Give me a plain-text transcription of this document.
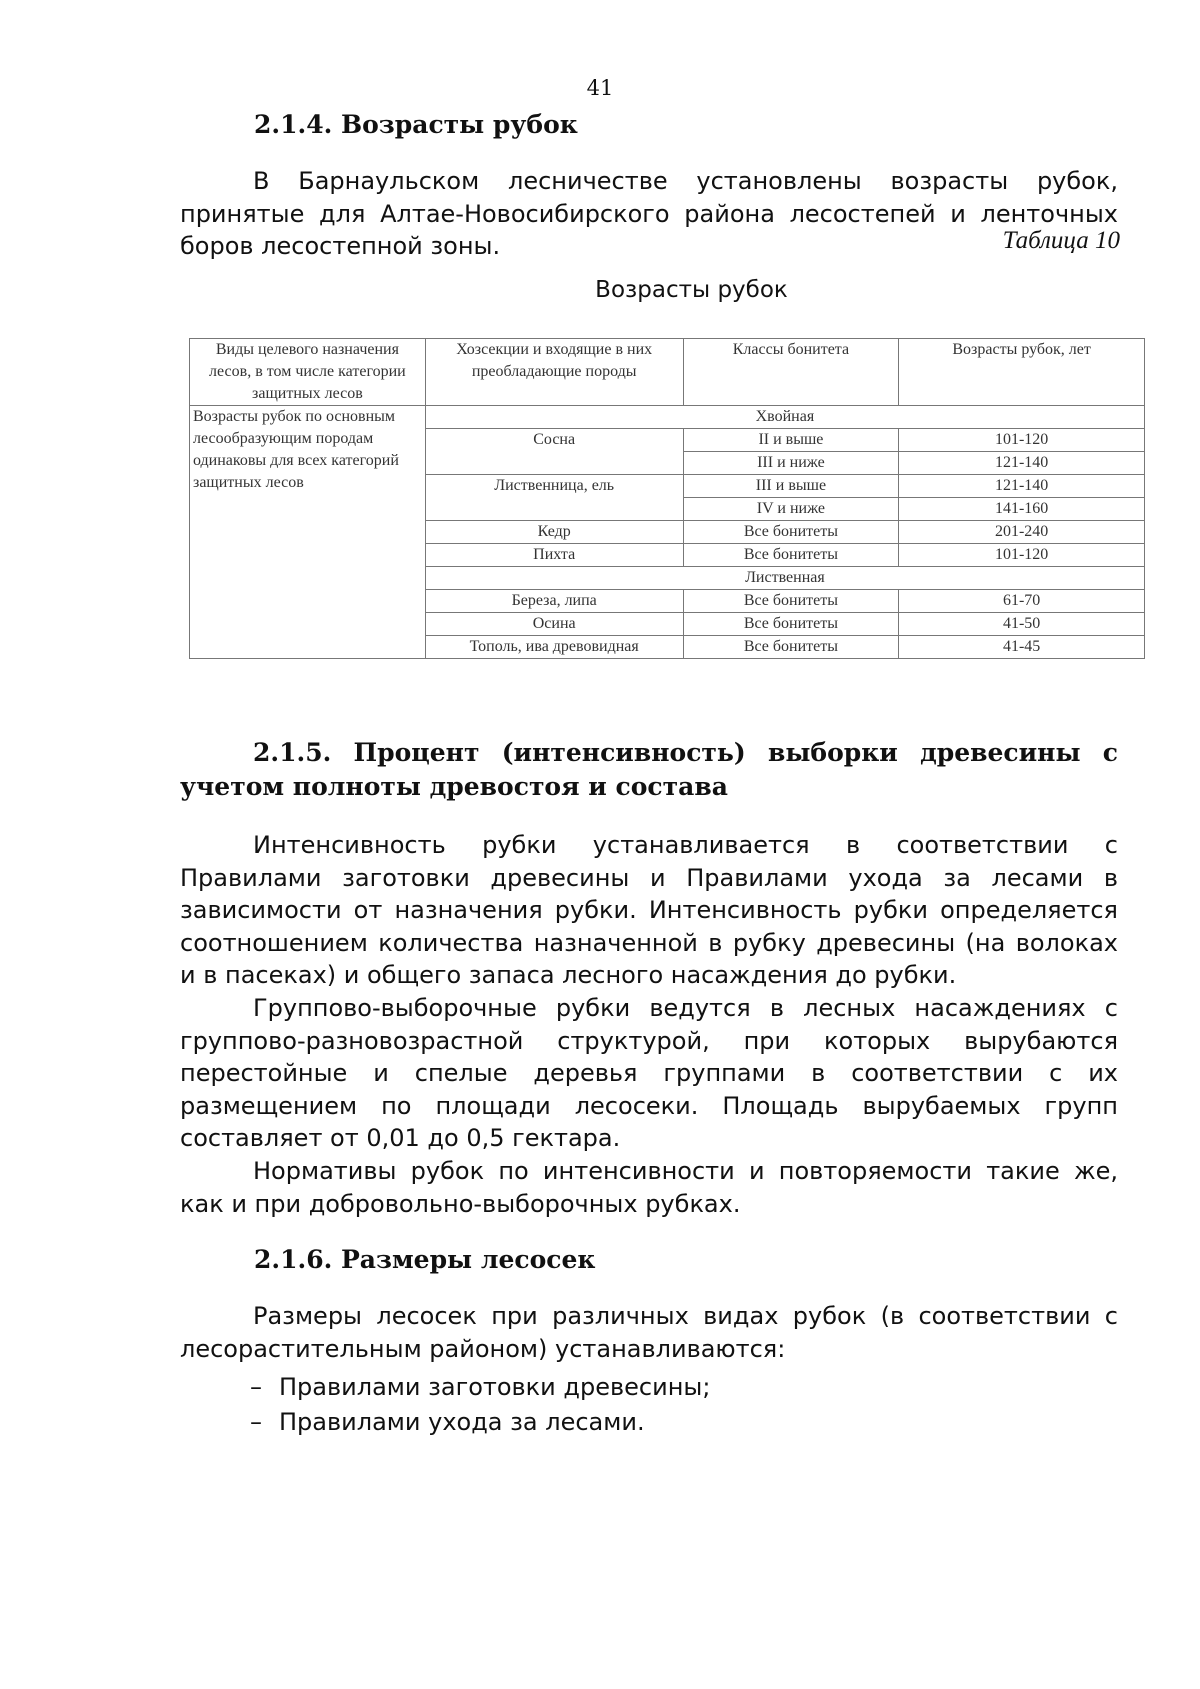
41
2.1.4. Возрасты рубок

В Барнаульском лесничестве установлены возрасты рубок, принятые для Алтае-Новосибирского района лесостепей и ленточных боров лесостепной зоны.	Таблица 10
Возрасты рубок
Виды целевого назначения лесов, в том числе категории защитных лесов	Хозсекции и входящие в них преобладающие породы	Классы бонитета	Возрасты рубок, лет
Возрасты рубок по основным лесообразующим породам одинаковы для всех категорий защитных лесов	Хвойная		
	Сосна	II и выше	101-120
		III и ниже	121-140
	Лиственница, ель	III и выше	121-140
		IV и ниже	141-160
	Кедр	Все бонитеты	201-240
	Пихта	Все бонитеты	101-120
	Лиственная		
	Береза, липа	Все бонитеты	61-70
	Осина	Все бонитеты	41-50
	Тополь, ива древовидная	Все бонитеты	41-45

2.1.5. Процент (интенсивность) выборки древесины с учетом полноты древостоя и состава

Интенсивность рубки устанавливается в соответствии с Правилами заготовки древесины и Правилами ухода за лесами в зависимости от назначения рубки. Интенсивность рубки определяется соотношением количества назначенной в рубку древесины (на волоках и в пасеках) и общего запаса лесного насаждения до рубки.

Группово-выборочные рубки ведутся в лесных насаждениях с группово-разновозрастной структурой, при которых вырубаются перестойные и спелые деревья группами в соответствии с их размещением по площади лесосеки. Площадь вырубаемых групп составляет от 0,01 до 0,5 гектара.

Нормативы рубок по интенсивности и повторяемости такие же, как и при добровольно-выборочных рубках.

2.1.6. Размеры лесосек

Размеры лесосек при различных видах рубок (в соответствии с лесорастительным районом) устанавливаются:

– Правилами заготовки древесины;
– Правилами ухода за лесами.
